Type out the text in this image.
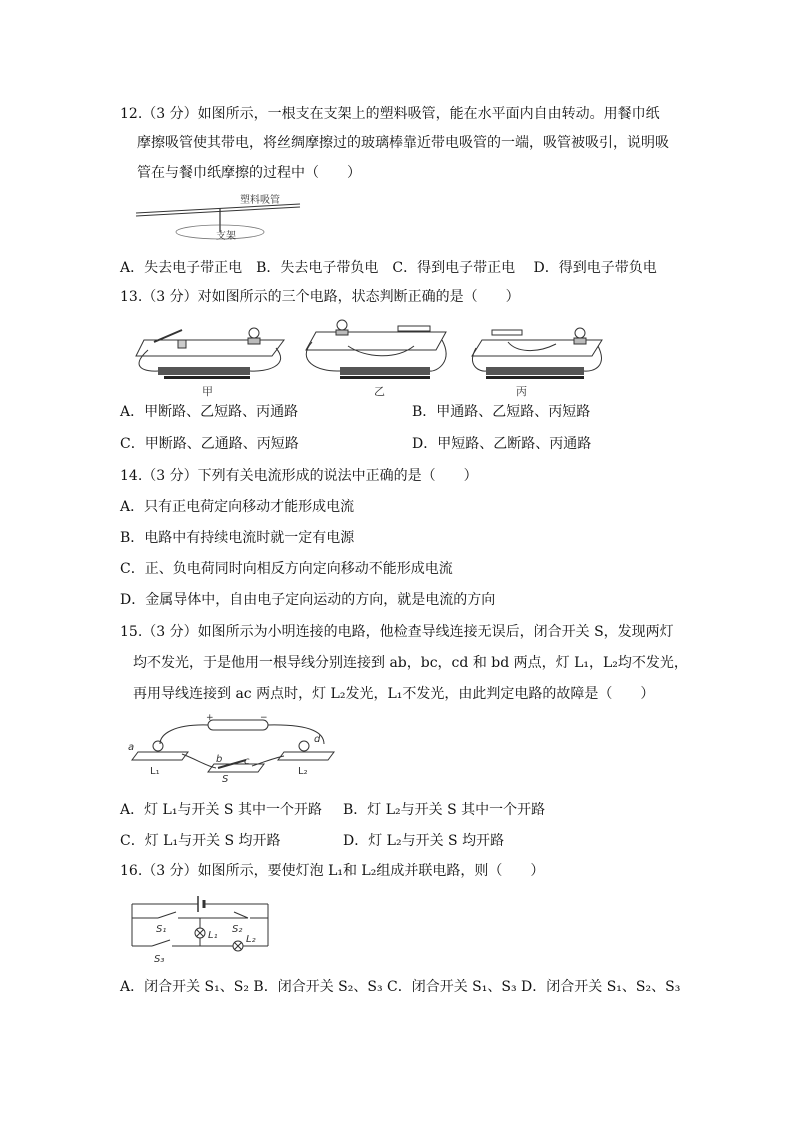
12.（3 分）如图所示，一根支在支架上的塑料吸管，能在水平面内自由转动。用餐巾纸
摩擦吸管使其带电，将丝绸摩擦过的玻璃棒靠近带电吸管的一端，吸管被吸引，说明吸
管在与餐巾纸摩擦的过程中（　　）
塑料吸管
支架
A．失去电子带正电　B．失去电子带负电　C．得到电子带正电　 D．得到电子带负电
13.（3 分）对如图所示的三个电路，状态判断正确的是（　　）
甲	乙	丙
A．甲断路、乙短路、丙通路	B．甲通路、乙短路、丙短路
C．甲断路、乙通路、丙短路	D．甲短路、乙断路、丙通路
14.（3 分）下列有关电流形成的说法中正确的是（　　）
A．只有正电荷定向移动才能形成电流
B．电路中有持续电流时就一定有电源
C．正、负电荷同时向相反方向定向移动不能形成电流
D．金属导体中，自由电子定向运动的方向，就是电流的方向
15.（3 分）如图所示为小明连接的电路，他检查导线连接无误后，闭合开关 S，发现两灯
均不发光，于是他用一根导线分别连接到 ab，bc，cd 和 bd 两点，灯 L₁，L₂均不发光，
再用导线连接到 ac 两点时，灯 L₂发光，L₁不发光，由此判定电路的故障是（　　）
+	−
a
b c
d
L₁	L₂
S
A．灯 L₁与开关 S 其中一个开路 B．灯 L₂与开关 S 其中一个开路
C．灯 L₁与开关 S 均开路	D．灯 L₂与开关 S 均开路
16.（3 分）如图所示，要使灯泡 L₁和 L₂组成并联电路，则（　　）
S₁	S₂
S₃
L₁	L₂
A．闭合开关 S₁、S₂ B．闭合开关 S₂、S₃ C．闭合开关 S₁、S₃ D．闭合开关 S₁、S₂、S₃
